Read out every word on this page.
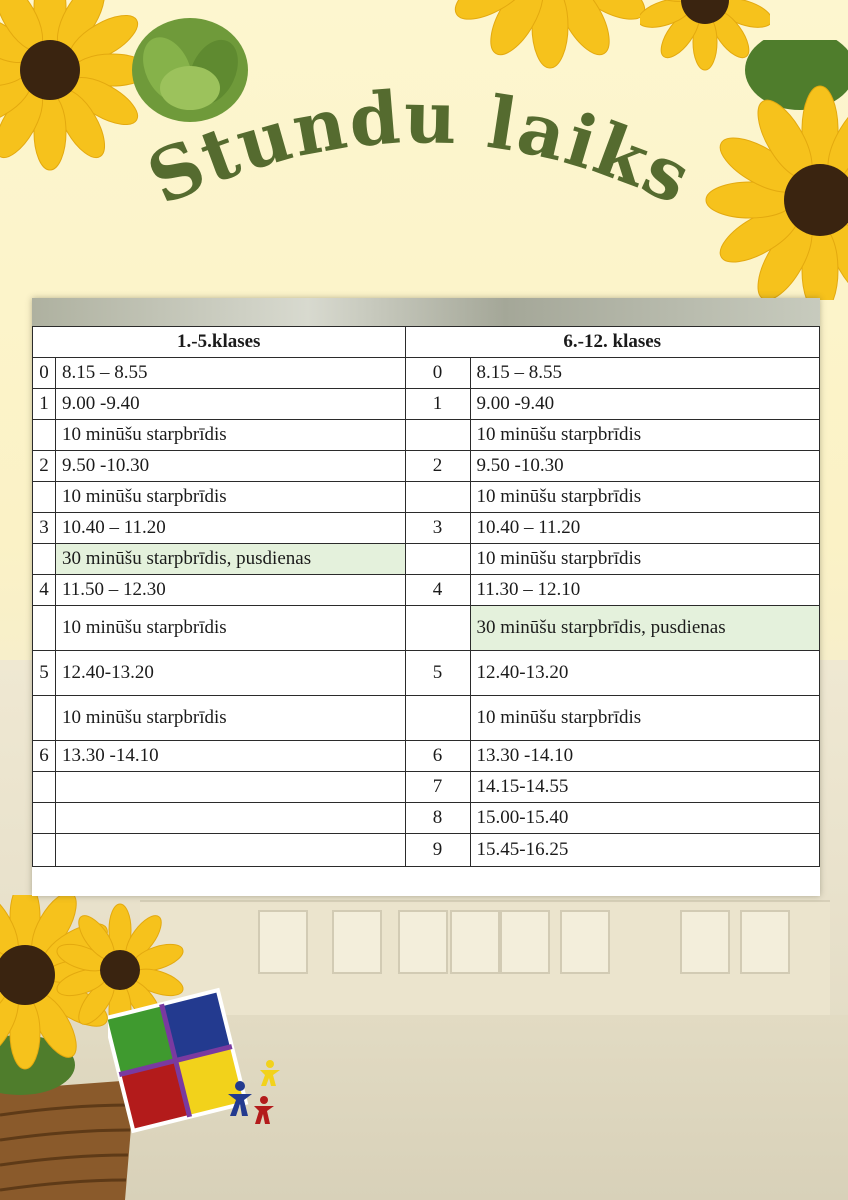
Stundu laiks
1.-5.klases		6.-12. klases	
0	8.15 – 8.55	0	8.15 – 8.55
1	9.00 -9.40	1	9.00 -9.40
	10 minūšu starpbrīdis		10 minūšu starpbrīdis
2	9.50 -10.30	2	9.50 -10.30
	10 minūšu starpbrīdis		10 minūšu starpbrīdis
3	10.40 – 11.20	3	10.40 – 11.20
	30 minūšu starpbrīdis, pusdienas		10 minūšu starpbrīdis
4	11.50 – 12.30	4	11.30 – 12.10
	10 minūšu starpbrīdis		30 minūšu starpbrīdis, pusdienas
5	12.40-13.20	5	12.40-13.20
	10 minūšu starpbrīdis		10 minūšu starpbrīdis
6	13.30 -14.10	6	13.30 -14.10
		7	14.15-14.55
		8	15.00-15.40
		9	15.45-16.25
